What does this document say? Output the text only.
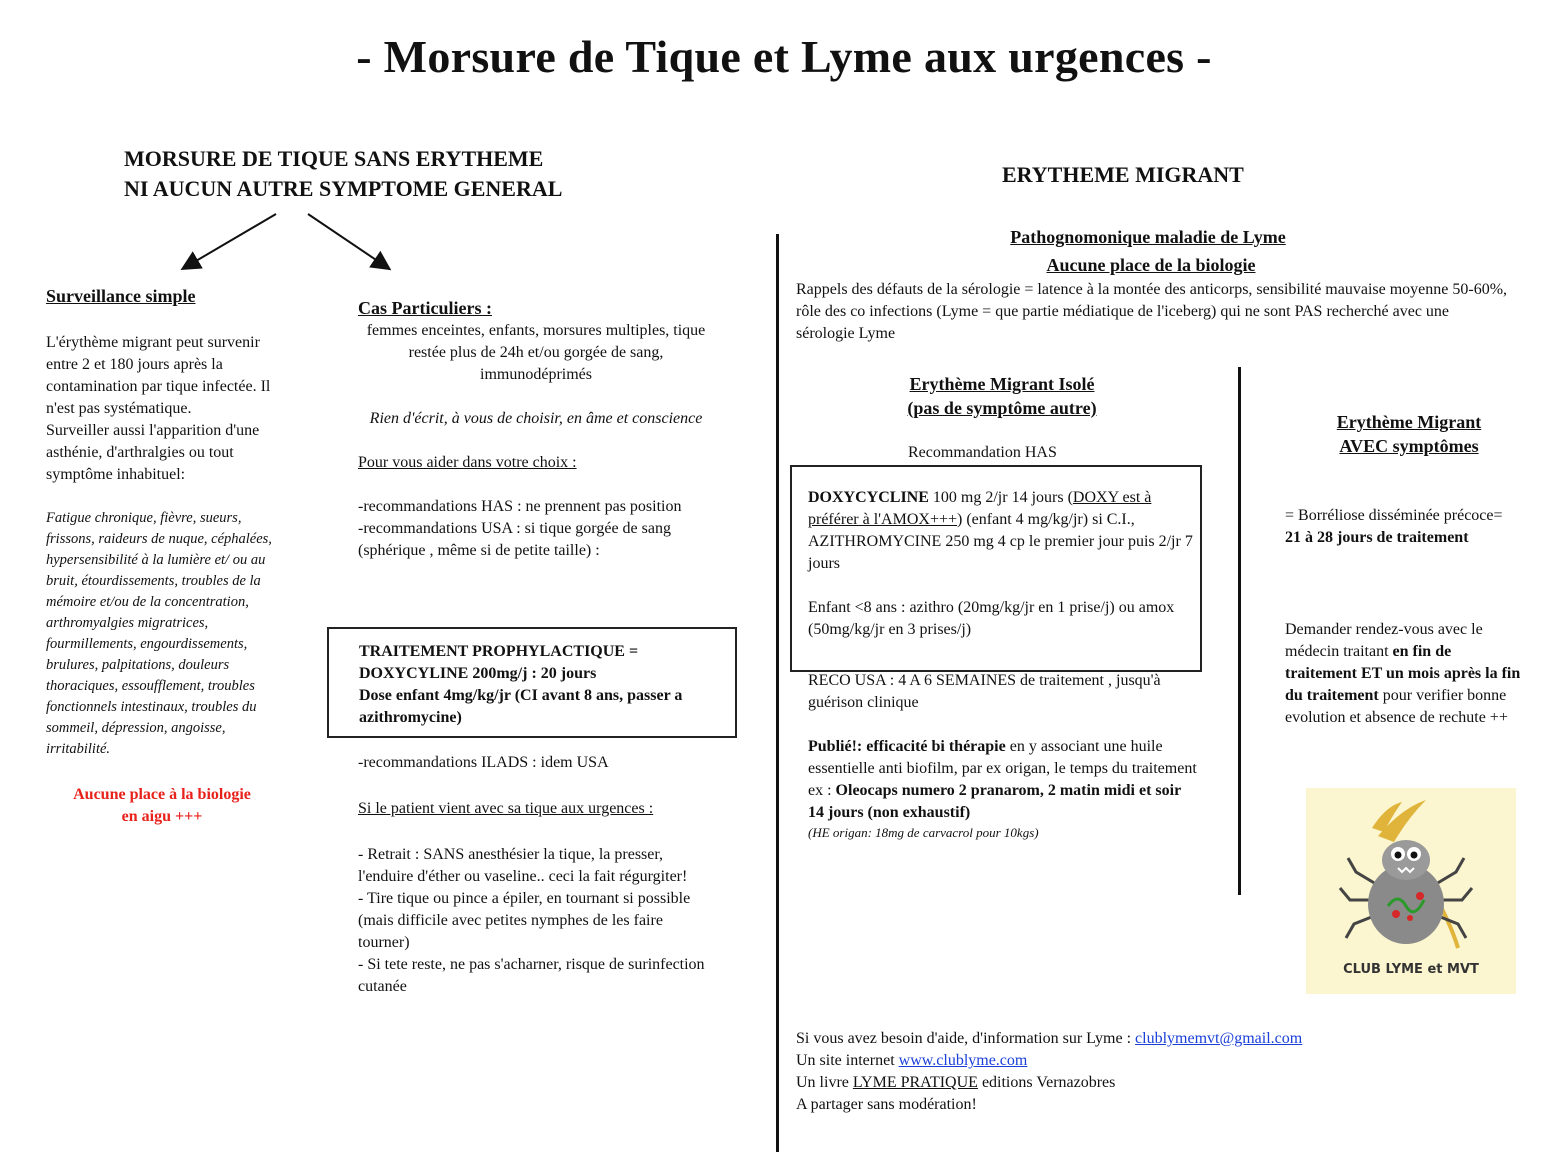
- Morsure de Tique et Lyme aux urgences -
MORSURE DE TIQUE SANS ERYTHEME
NI AUCUN AUTRE SYMPTOME GENERAL
Surveillance simple

L'érythème migrant peut survenir entre 2 et 180 jours après la contamination par tique infectée. Il n'est pas systématique.

Surveiller aussi l'apparition d'une asthénie, d'arthralgies ou tout symptôme inhabituel:

Fatigue chronique, fièvre, sueurs, frissons, raideurs de nuque, céphalées, hypersensibilité à la lumière et/ ou au bruit, étourdissements, troubles de la mémoire et/ou de la concentration, arthromyalgies migratrices, fourmillements, engourdissements, brulures, palpitations, douleurs thoraciques, essoufflement, troubles fonctionnels intestinaux, troubles du sommeil, dépression, angoisse, irritabilité.

Aucune place à la biologie
en aigu +++
Cas Particuliers :

femmes enceintes, enfants, morsures multiples, tique restée plus de 24h et/ou gorgée de sang, immunodéprimés

Rien d'écrit, à vous de choisir, en âme et conscience

Pour vous aider dans votre choix :

-recommandations HAS : ne prennent pas position

-recommandations USA : si tique gorgée de sang (sphérique , même si de petite taille) :

TRAITEMENT PROPHYLACTIQUE =
DOXYCYLINE 200mg/j : 20 jours
Dose enfant 4mg/kg/jr (CI avant 8 ans, passer a azithromycine)

-recommandations ILADS : idem USA

Si le patient vient avec sa tique aux urgences :

- Retrait : SANS anesthésier la tique, la presser, l'enduire d'éther ou vaseline.. ceci la fait régurgiter!

- Tire tique ou pince a épiler, en tournant si possible (mais difficile avec petites nymphes de les faire tourner)

- Si tete reste, ne pas s'acharner, risque de surinfection cutanée

ERYTHEME MIGRANT
Pathognomonique maladie de Lyme
Aucune place de la biologie

Rappels des défauts de la sérologie = latence à la montée des anticorps, sensibilité mauvaise moyenne 50-60%, rôle des co infections (Lyme = que partie médiatique de l'iceberg) qui ne sont PAS recherché avec une sérologie Lyme

Erythème Migrant Isolé
(pas de symptôme autre)
Recommandation HAS

DOXYCYCLINE 100 mg 2/jr 14 jours (DOXY est à préférer à l'AMOX+++) (enfant 4 mg/kg/jr) si C.I., AZITHROMYCINE 250 mg 4 cp le premier jour puis 2/jr 7 jours

Enfant <8 ans : azithro (20mg/kg/jr en 1 prise/j) ou amox (50mg/kg/jr en 3 prises/j)

RECO USA : 4 A 6 SEMAINES de traitement , jusqu'à guérison clinique

Publié!: efficacité bi thérapie en y associant une huile essentielle anti biofilm, par ex origan, le temps du traitement

ex : Oleocaps numero 2 pranarom, 2 matin midi et soir 14 jours (non exhaustif)

(HE origan: 18mg de carvacrol pour 10kgs)

Erythème Migrant
AVEC symptômes

= Borréliose disséminée précoce= 21 à 28 jours de traitement

Demander rendez-vous avec le médecin traitant en fin de traitement ET un mois après la fin du traitement pour verifier bonne evolution et absence de rechute ++

CLUB LYME et MVT

Si vous avez besoin d'aide, d'information sur Lyme : clublymemvt@gmail.com

Un site internet www.clublyme.com

Un livre LYME PRATIQUE editions Vernazobres

A partager sans modération!
